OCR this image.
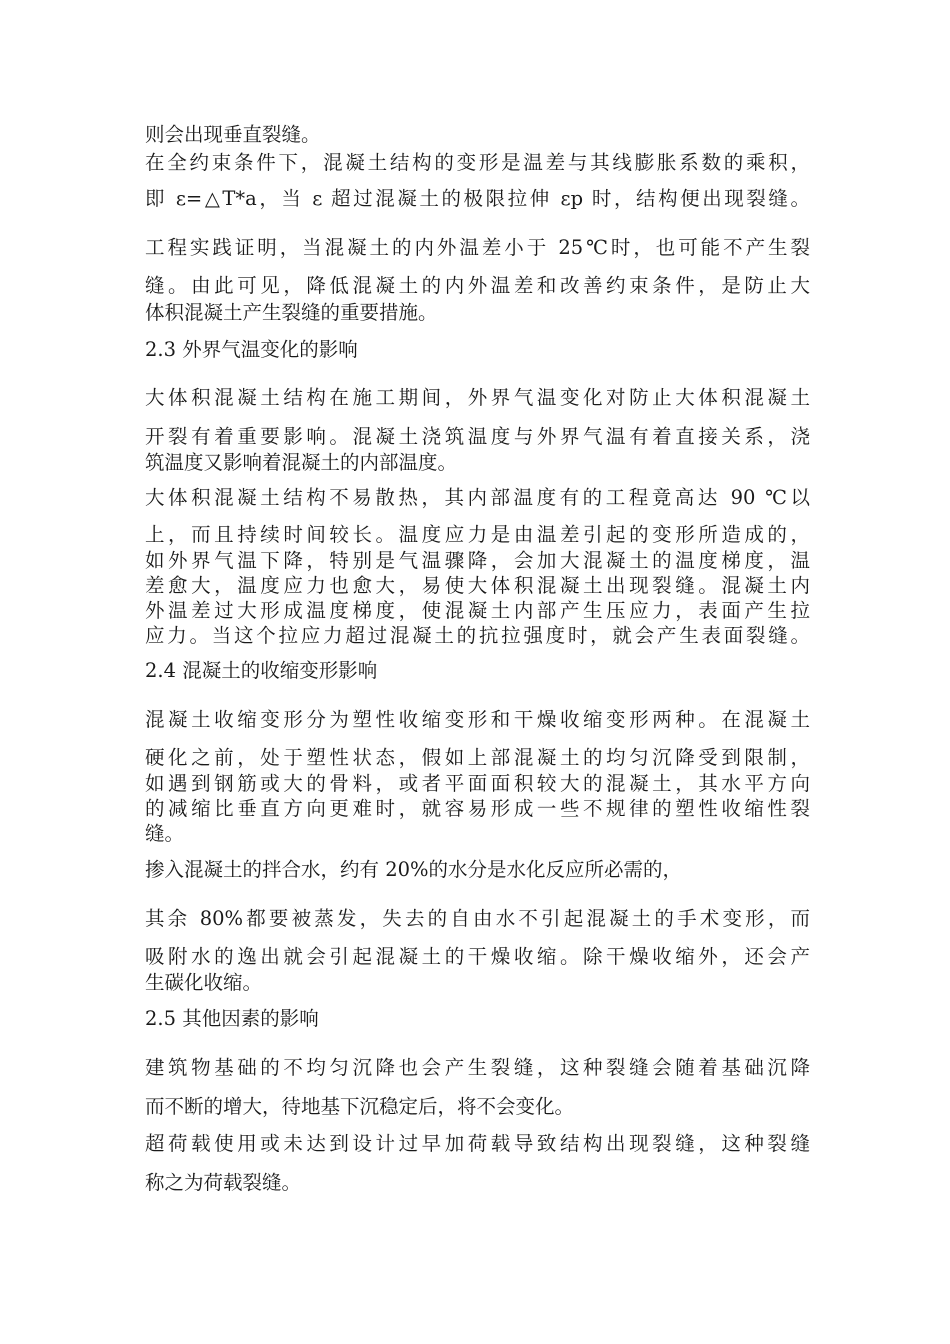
则会出现垂直裂缝。
在全约束条件下，混凝土结构的变形是温差与其线膨胀系数的乘积，
即 ε=△T*a，当 ε 超过混凝土的极限拉伸 εp 时，结构便出现裂缝。
工程实践证明，当混凝土的内外温差小于 25℃时，也可能不产生裂
缝。由此可见，降低混凝土的内外温差和改善约束条件，是防止大
体积混凝土产生裂缝的重要措施。
2.3 外界气温变化的影响
大体积混凝土结构在施工期间，外界气温变化对防止大体积混凝土
开裂有着重要影响。混凝土浇筑温度与外界气温有着直接关系，浇
筑温度又影响着混凝土的内部温度。
大体积混凝土结构不易散热，其内部温度有的工程竟高达 90 ℃以
上，而且持续时间较长。温度应力是由温差引起的变形所造成的，
如外界气温下降，特别是气温骤降，会加大混凝土的温度梯度，温
差愈大，温度应力也愈大，易使大体积混凝土出现裂缝。混凝土内
外温差过大形成温度梯度，使混凝土内部产生压应力，表面产生拉
应力。当这个拉应力超过混凝土的抗拉强度时，就会产生表面裂缝。
2.4 混凝土的收缩变形影响
混凝土收缩变形分为塑性收缩变形和干燥收缩变形两种。在混凝土
硬化之前，处于塑性状态，假如上部混凝土的均匀沉降受到限制，
如遇到钢筋或大的骨料，或者平面面积较大的混凝土，其水平方向
的减缩比垂直方向更难时，就容易形成一些不规律的塑性收缩性裂
缝。
掺入混凝土的拌合水，约有 20%的水分是水化反应所必需的，
其余 80%都要被蒸发，失去的自由水不引起混凝土的手术变形，而
吸附水的逸出就会引起混凝土的干燥收缩。除干燥收缩外，还会产
生碳化收缩。
2.5 其他因素的影响
建筑物基础的不均匀沉降也会产生裂缝，这种裂缝会随着基础沉降
而不断的增大，待地基下沉稳定后，将不会变化。
超荷载使用或未达到设计过早加荷载导致结构出现裂缝，这种裂缝
称之为荷载裂缝。
